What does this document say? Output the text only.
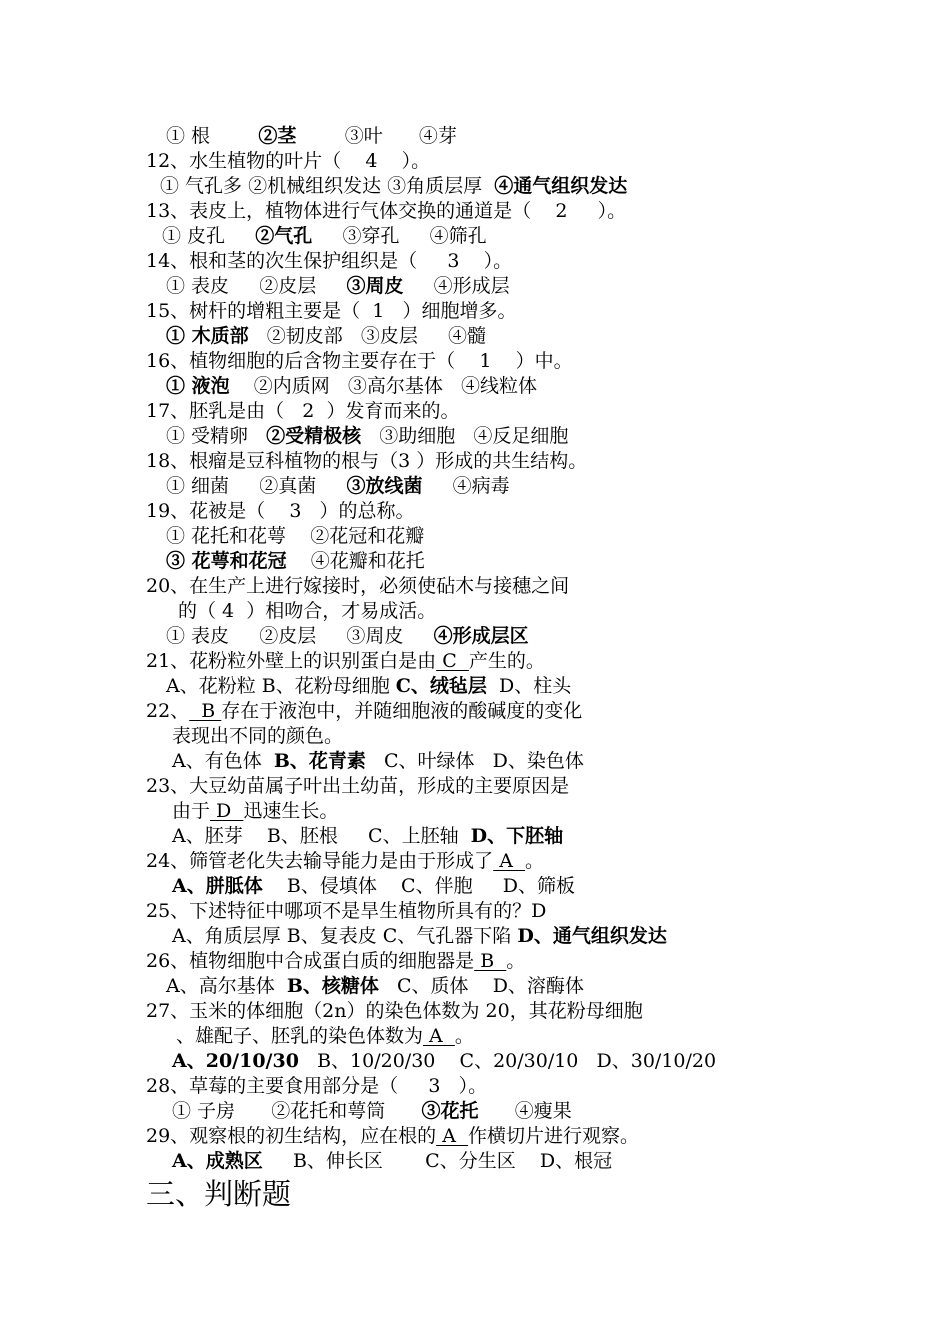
① 根        ②茎        ③叶      ④芽
12、水生植物的叶片（    4    ）。
① 气孔多 ②机械组织发达 ③角质层厚  ④通气组织发达
13、表皮上，植物体进行气体交换的通道是（    2     ）。
① 皮孔     ②气孔     ③穿孔     ④筛孔
14、根和茎的次生保护组织是（     3    ）。
① 表皮     ②皮层     ③周皮     ④形成层
15、树杆的增粗主要是（  1   ）细胞增多。
① 木质部   ②韧皮部   ③皮层     ④髓
16、植物细胞的后含物主要存在于（    1    ）中。
① 液泡    ②内质网   ③高尔基体   ④线粒体
17、胚乳是由（   2  ）发育而来的。
① 受精卵   ②受精极核   ③助细胞   ④反足细胞
18、根瘤是豆科植物的根与（3 ）形成的共生结构。
① 细菌     ②真菌     ③放线菌     ④病毒
19、花被是（    3   ）的总称。
① 花托和花萼    ②花冠和花瓣
③ 花萼和花冠    ④花瓣和花托
20、在生产上进行嫁接时，必须使砧木与接穗之间
的（ 4  ）相吻合，才易成活。
① 表皮     ②皮层     ③周皮     ④形成层区
21、花粉粒外壁上的识别蛋白是由 C  产生的。
A、花粉粒 B、花粉母细胞 C、绒毡层  D、柱头
22、  B 存在于液泡中，并随细胞液的酸碱度的变化
表现出不同的颜色。
A、有色体  B、花青素   C、叶绿体   D、染色体
23、大豆幼苗属子叶出土幼苗，形成的主要原因是
由于 D  迅速生长。
A、胚芽    B、胚根     C、上胚轴  D、下胚轴
24、筛管老化失去输导能力是由于形成了 A  。
A、胼胝体    B、侵填体    C、伴胞     D、筛板
25、下述特征中哪项不是旱生植物所具有的？D
A、角质层厚 B、复表皮 C、气孔器下陷 D、通气组织发达
26、植物细胞中合成蛋白质的细胞器是 B  。
A、高尔基体  B、核糖体   C、质体    D、溶酶体
27、玉米的体细胞（2n）的染色体数为 20，其花粉母细胞
、雄配子、胚乳的染色体数为 A  。
A、20/10/30   B、10/20/30    C、20/30/10   D、30/10/20
28、草莓的主要食用部分是（     3   ）。
① 子房      ②花托和萼筒      ③花托      ④瘦果
29、观察根的初生结构，应在根的 A  作横切片进行观察。
A、成熟区     B、伸长区       C、分生区    D、根冠
三、判断题
